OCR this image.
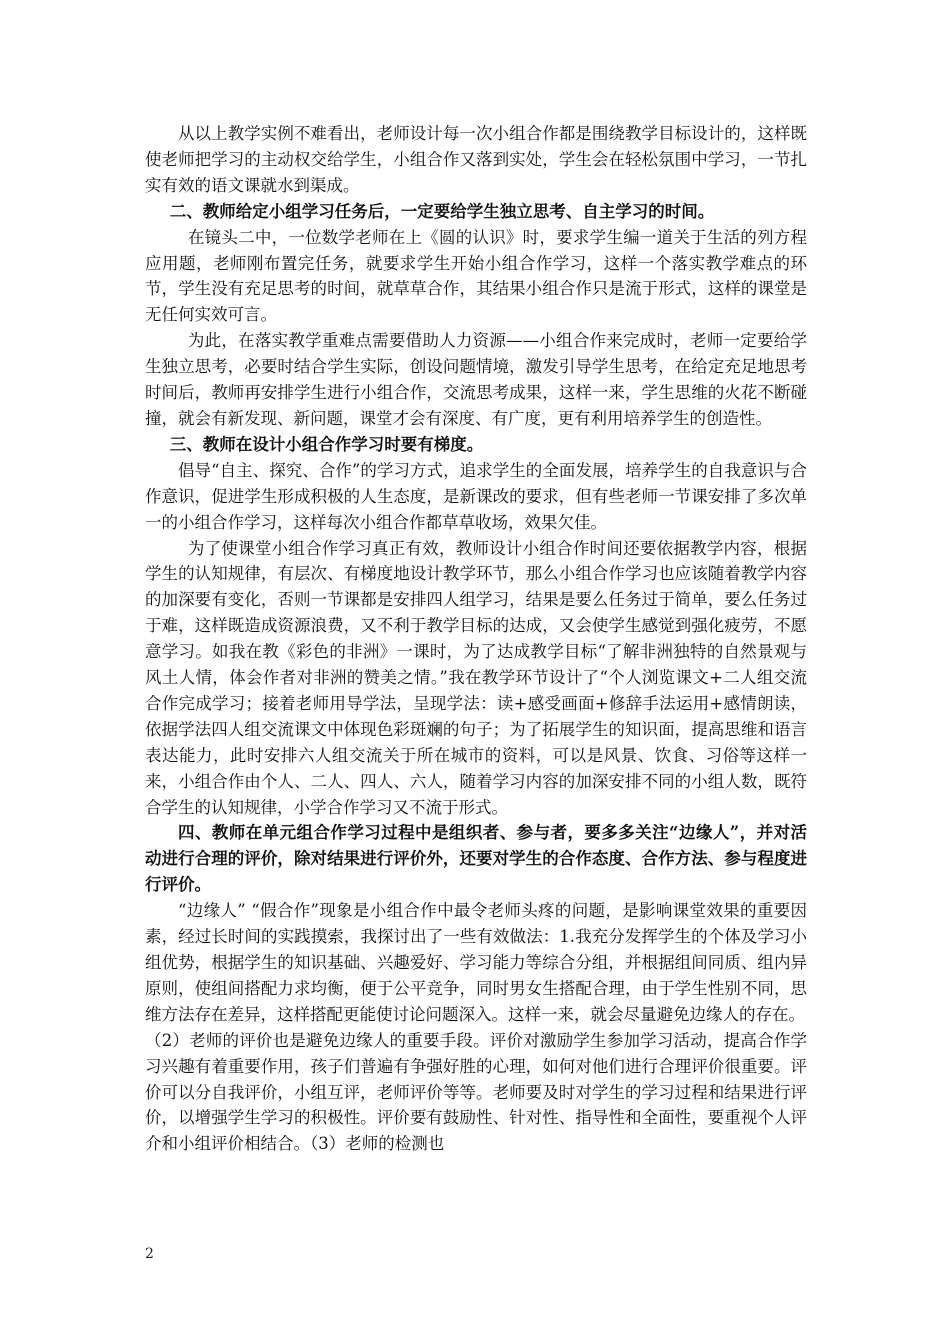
从以上教学实例不难看出，老师设计每一次小组合作都是围绕教学目标设计的，这样既使老师把学习的主动权交给学生，小组合作又落到实处，学生会在轻松氛围中学习，一节扎实有效的语文课就水到渠成。

二、教师给定小组学习任务后，一定要给学生独立思考、自主学习的时间。

在镜头二中，一位数学老师在上《圆的认识》时，要求学生编一道关于生活的列方程应用题，老师刚布置完任务，就要求学生开始小组合作学习，这样一个落实教学难点的环节，学生没有充足思考的时间，就草草合作，其结果小组合作只是流于形式，这样的课堂是无任何实效可言。

为此，在落实教学重难点需要借助人力资源——小组合作来完成时，老师一定要给学生独立思考，必要时结合学生实际，创设问题情境，激发引导学生思考，在给定充足地思考时间后，教师再安排学生进行小组合作，交流思考成果，这样一来，学生思维的火花不断碰撞，就会有新发现、新问题，课堂才会有深度、有广度，更有利用培养学生的创造性。

三、教师在设计小组合作学习时要有梯度。

倡导“自主、探究、合作”的学习方式，追求学生的全面发展，培养学生的自我意识与合作意识，促进学生形成积极的人生态度，是新课改的要求，但有些老师一节课安排了多次单一的小组合作学习，这样每次小组合作都草草收场，效果欠佳。

为了使课堂小组合作学习真正有效，教师设计小组合作时间还要依据教学内容，根据学生的认知规律，有层次、有梯度地设计教学环节，那么小组合作学习也应该随着教学内容的加深要有变化，否则一节课都是安排四人组学习，结果是要么任务过于简单，要么任务过于难，这样既造成资源浪费，又不利于教学目标的达成，又会使学生感觉到强化疲劳，不愿意学习。如我在教《彩色的非洲》一课时，为了达成教学目标“了解非洲独特的自然景观与风土人情，体会作者对非洲的赞美之情。”我在教学环节设计了“个人浏览课文+二人组交流合作完成学习；接着老师用导学法，呈现学法：读+感受画面+修辞手法运用+感情朗读，依据学法四人组交流课文中体现色彩斑斓的句子；为了拓展学生的知识面，提高思维和语言表达能力，此时安排六人组交流关于所在城市的资料，可以是风景、饮食、习俗等这样一来，小组合作由个人、二人、四人、六人，随着学习内容的加深安排不同的小组人数，既符合学生的认知规律，小学合作学习又不流于形式。

四、教师在单元组合作学习过程中是组织者、参与者，要多多关注“边缘人”，并对活动进行合理的评价，除对结果进行评价外，还要对学生的合作态度、合作方法、参与程度进行评价。

“边缘人” “假合作”现象是小组合作中最令老师头疼的问题，是影响课堂效果的重要因素，经过长时间的实践摸索，我探讨出了一些有效做法：1.我充分发挥学生的个体及学习小组优势，根据学生的知识基础、兴趣爱好、学习能力等综合分组，并根据组间同质、组内异原则，使组间搭配力求均衡，便于公平竞争，同时男女生搭配合理，由于学生性别不同，思维方法存在差异，这样搭配更能使讨论问题深入。这样一来，就会尽量避免边缘人的存在。

（2）老师的评价也是避免边缘人的重要手段。评价对激励学生参加学习活动，提高合作学习兴趣有着重要作用，孩子们普遍有争强好胜的心理，如何对他们进行合理评价很重要。评价可以分自我评价，小组互评，老师评价等等。老师要及时对学生的学习过程和结果进行评价，以增强学生学习的积极性。评价要有鼓励性、针对性、指导性和全面性，要重视个人评介和小组评价相结合。（3）老师的检测也

2
